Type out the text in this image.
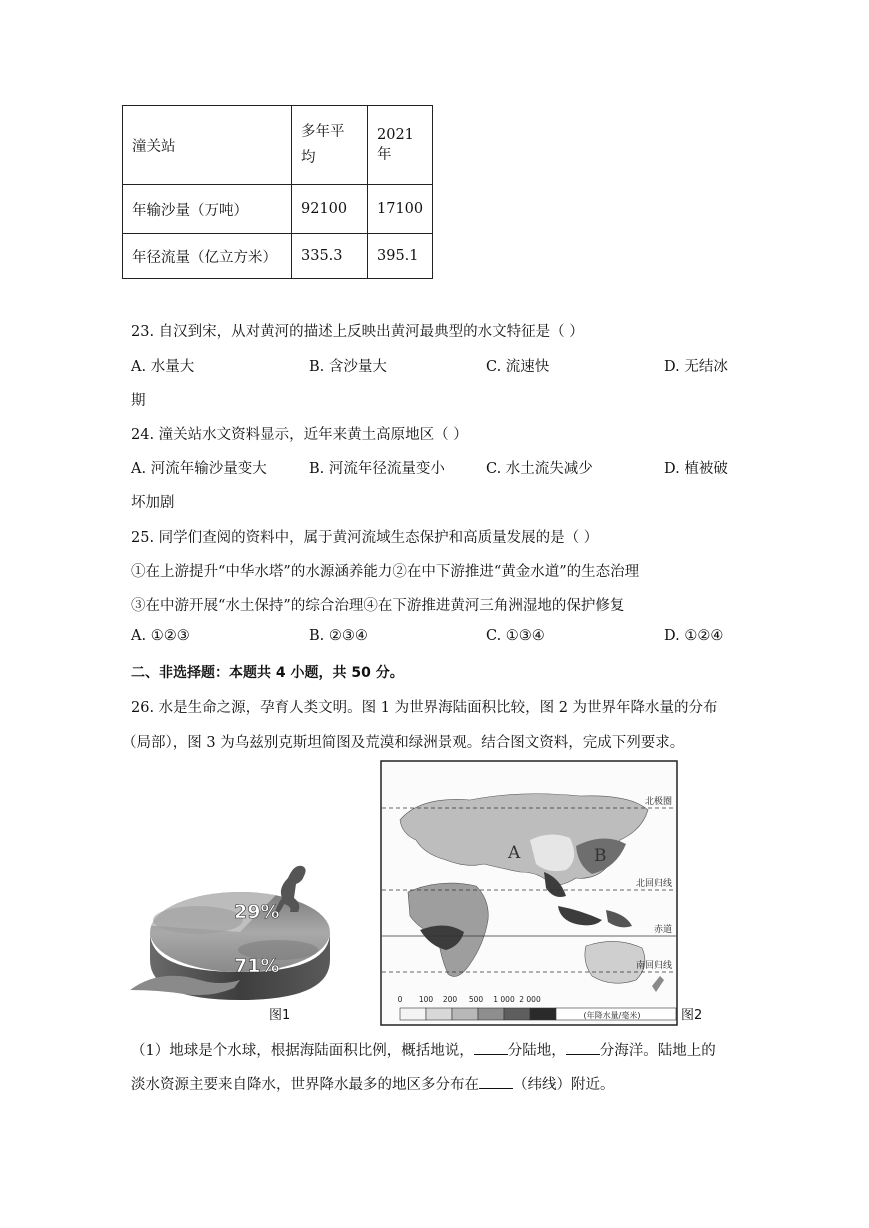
潼关站	多年平均	2021年
年输沙量（万吨）	92100	17100
年径流量（亿立方米）	335.3	395.1
23. 自汉到宋，从对黄河的描述上反映出黄河最典型的水文特征是（ ）
A. 水量大	B. 含沙量大	C. 流速快	D. 无结冰
期
24. 潼关站水文资料显示，近年来黄土高原地区（ ）
A. 河流年输沙量变大	B. 河流年径流量变小	C. 水土流失减少	D. 植被破
坏加剧
25. 同学们查阅的资料中，属于黄河流域生态保护和高质量发展的是（ ）
①在上游提升“中华水塔”的水源涵养能力②在中下游推进“黄金水道”的生态治理
③在中游开展“水土保持”的综合治理④在下游推进黄河三角洲湿地的保护修复
A. ①②③	B. ②③④	C. ①③④	D. ①②④
二、非选择题：本题共 4 小题，共 50 分。
26. 水是生命之源，孕育人类文明。图 1 为世界海陆面积比较，图 2 为世界年降水量的分布
（局部），图 3 为乌兹别克斯坦简图及荒漠和绿洲景观。结合图文资料，完成下列要求。
29%
71%
图1
北极圈
北回归线
赤道
南回归线
A	B
0 100 200 500 1 000 2 000
(年降水量/毫米)	图2
（1）地球是个水球，根据海陆面积比例，概括地说， 分陆地， 分海洋。陆地上的
淡水资源主要来自降水，世界降水最多的地区多分布在 （纬线）附近。
